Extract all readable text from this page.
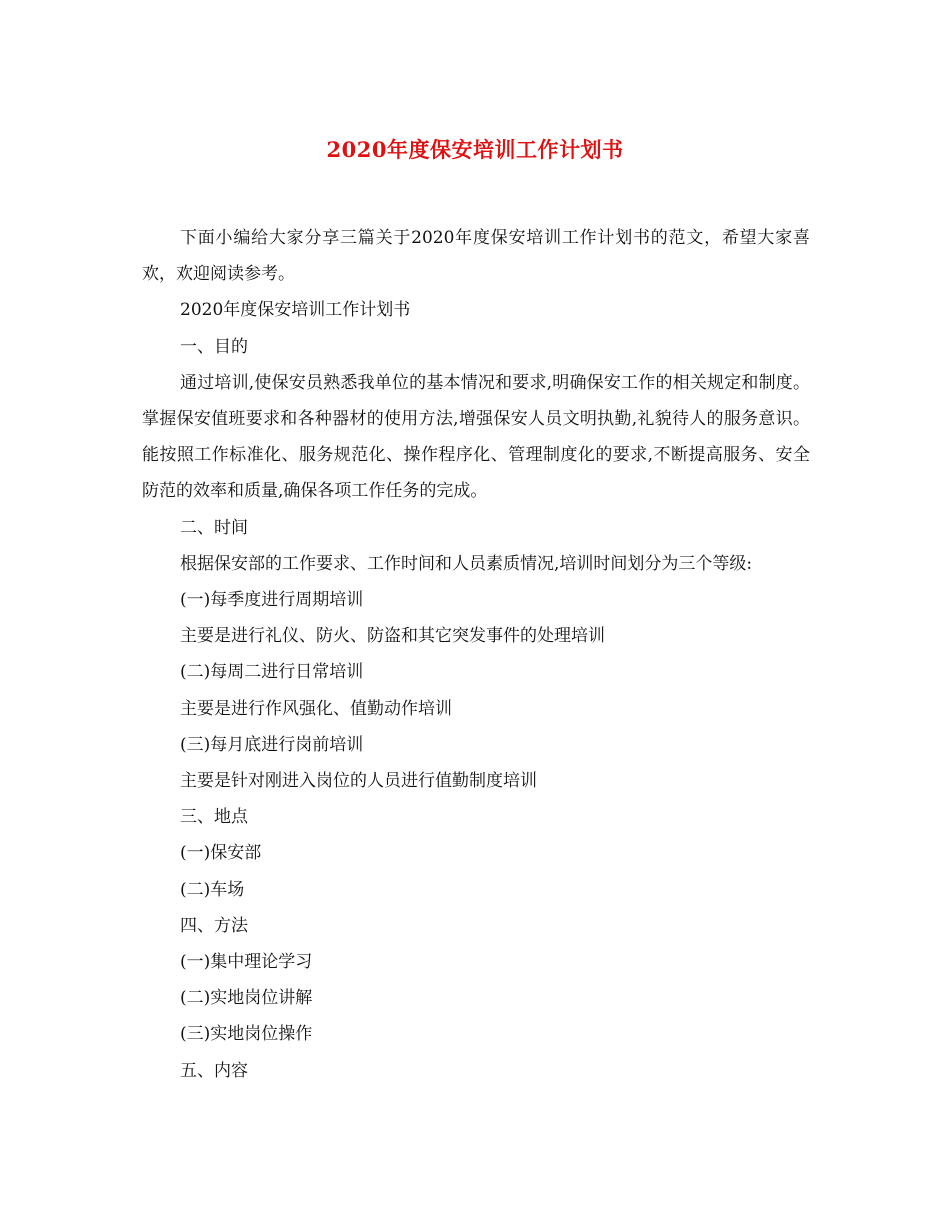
2020年度保安培训工作计划书

下面小编给大家分享三篇关于2020年度保安培训工作计划书的范文，希望大家喜欢，欢迎阅读参考。

2020年度保安培训工作计划书

一、目的

通过培训,使保安员熟悉我单位的基本情况和要求,明确保安工作的相关规定和制度。掌握保安值班要求和各种器材的使用方法,增强保安人员文明执勤,礼貌待人的服务意识。能按照工作标准化、服务规范化、操作程序化、管理制度化的要求,不断提高服务、安全防范的效率和质量,确保各项工作任务的完成。

二、时间

根据保安部的工作要求、工作时间和人员素质情况,培训时间划分为三个等级:

(一)每季度进行周期培训

主要是进行礼仪、防火、防盗和其它突发事件的处理培训

(二)每周二进行日常培训

主要是进行作风强化、值勤动作培训

(三)每月底进行岗前培训

主要是针对刚进入岗位的人员进行值勤制度培训

三、地点

(一)保安部

(二)车场

四、方法

(一)集中理论学习

(二)实地岗位讲解

(三)实地岗位操作

五、内容
